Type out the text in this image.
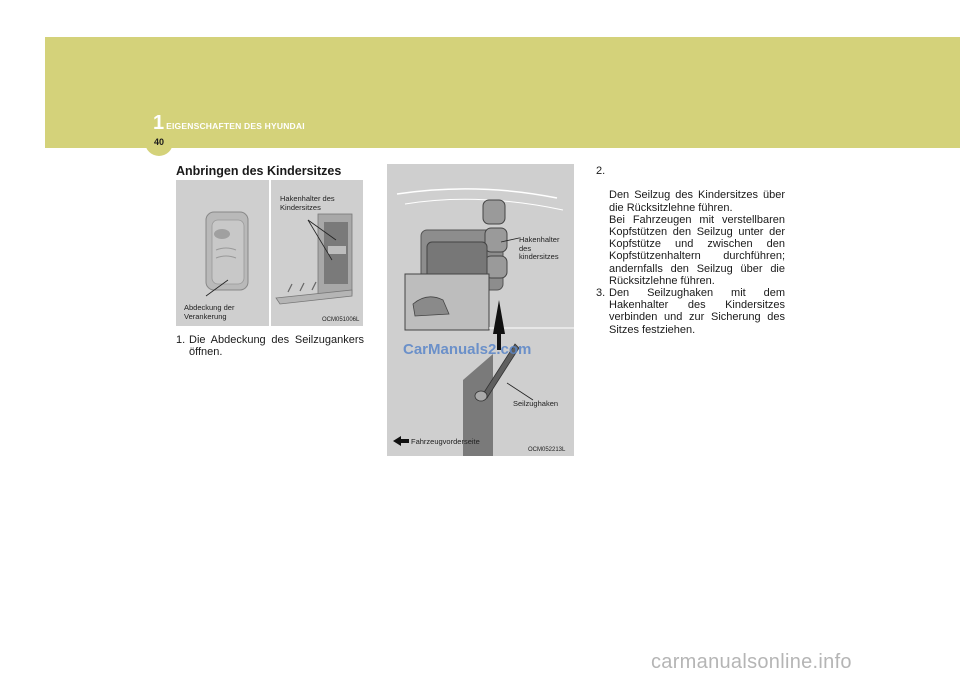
1 EIGENSCHAFTEN DES HYUNDAI
40
Anbringen des Kindersitzes
Hakenhalter des
Kindersitzes
Abdeckung der
Verankerung	OCM051006L
1. Die Abdeckung des Seilzugankers öffnen.
Hakenhalter
des
kindersitzes
Seilzughaken
Fahrzeugvorderseite
OCM052213L
CarManuals2.com

2.

Den Seilzug des Kindersitzes über die Rücksitzlehne führen.
Bei Fahrzeugen mit verstellbaren Kopfstützen den Seilzug unter der Kopfstütze und zwischen den Kopfstützenhaltern durchführen; andernfalls den Seilzug über die Rücksitzlehne führen.

3. Den Seilzughaken mit dem Hakenhalter des Kindersitzes verbinden und zur Sicherung des Sitzes festziehen.
carmanualsonline.info
